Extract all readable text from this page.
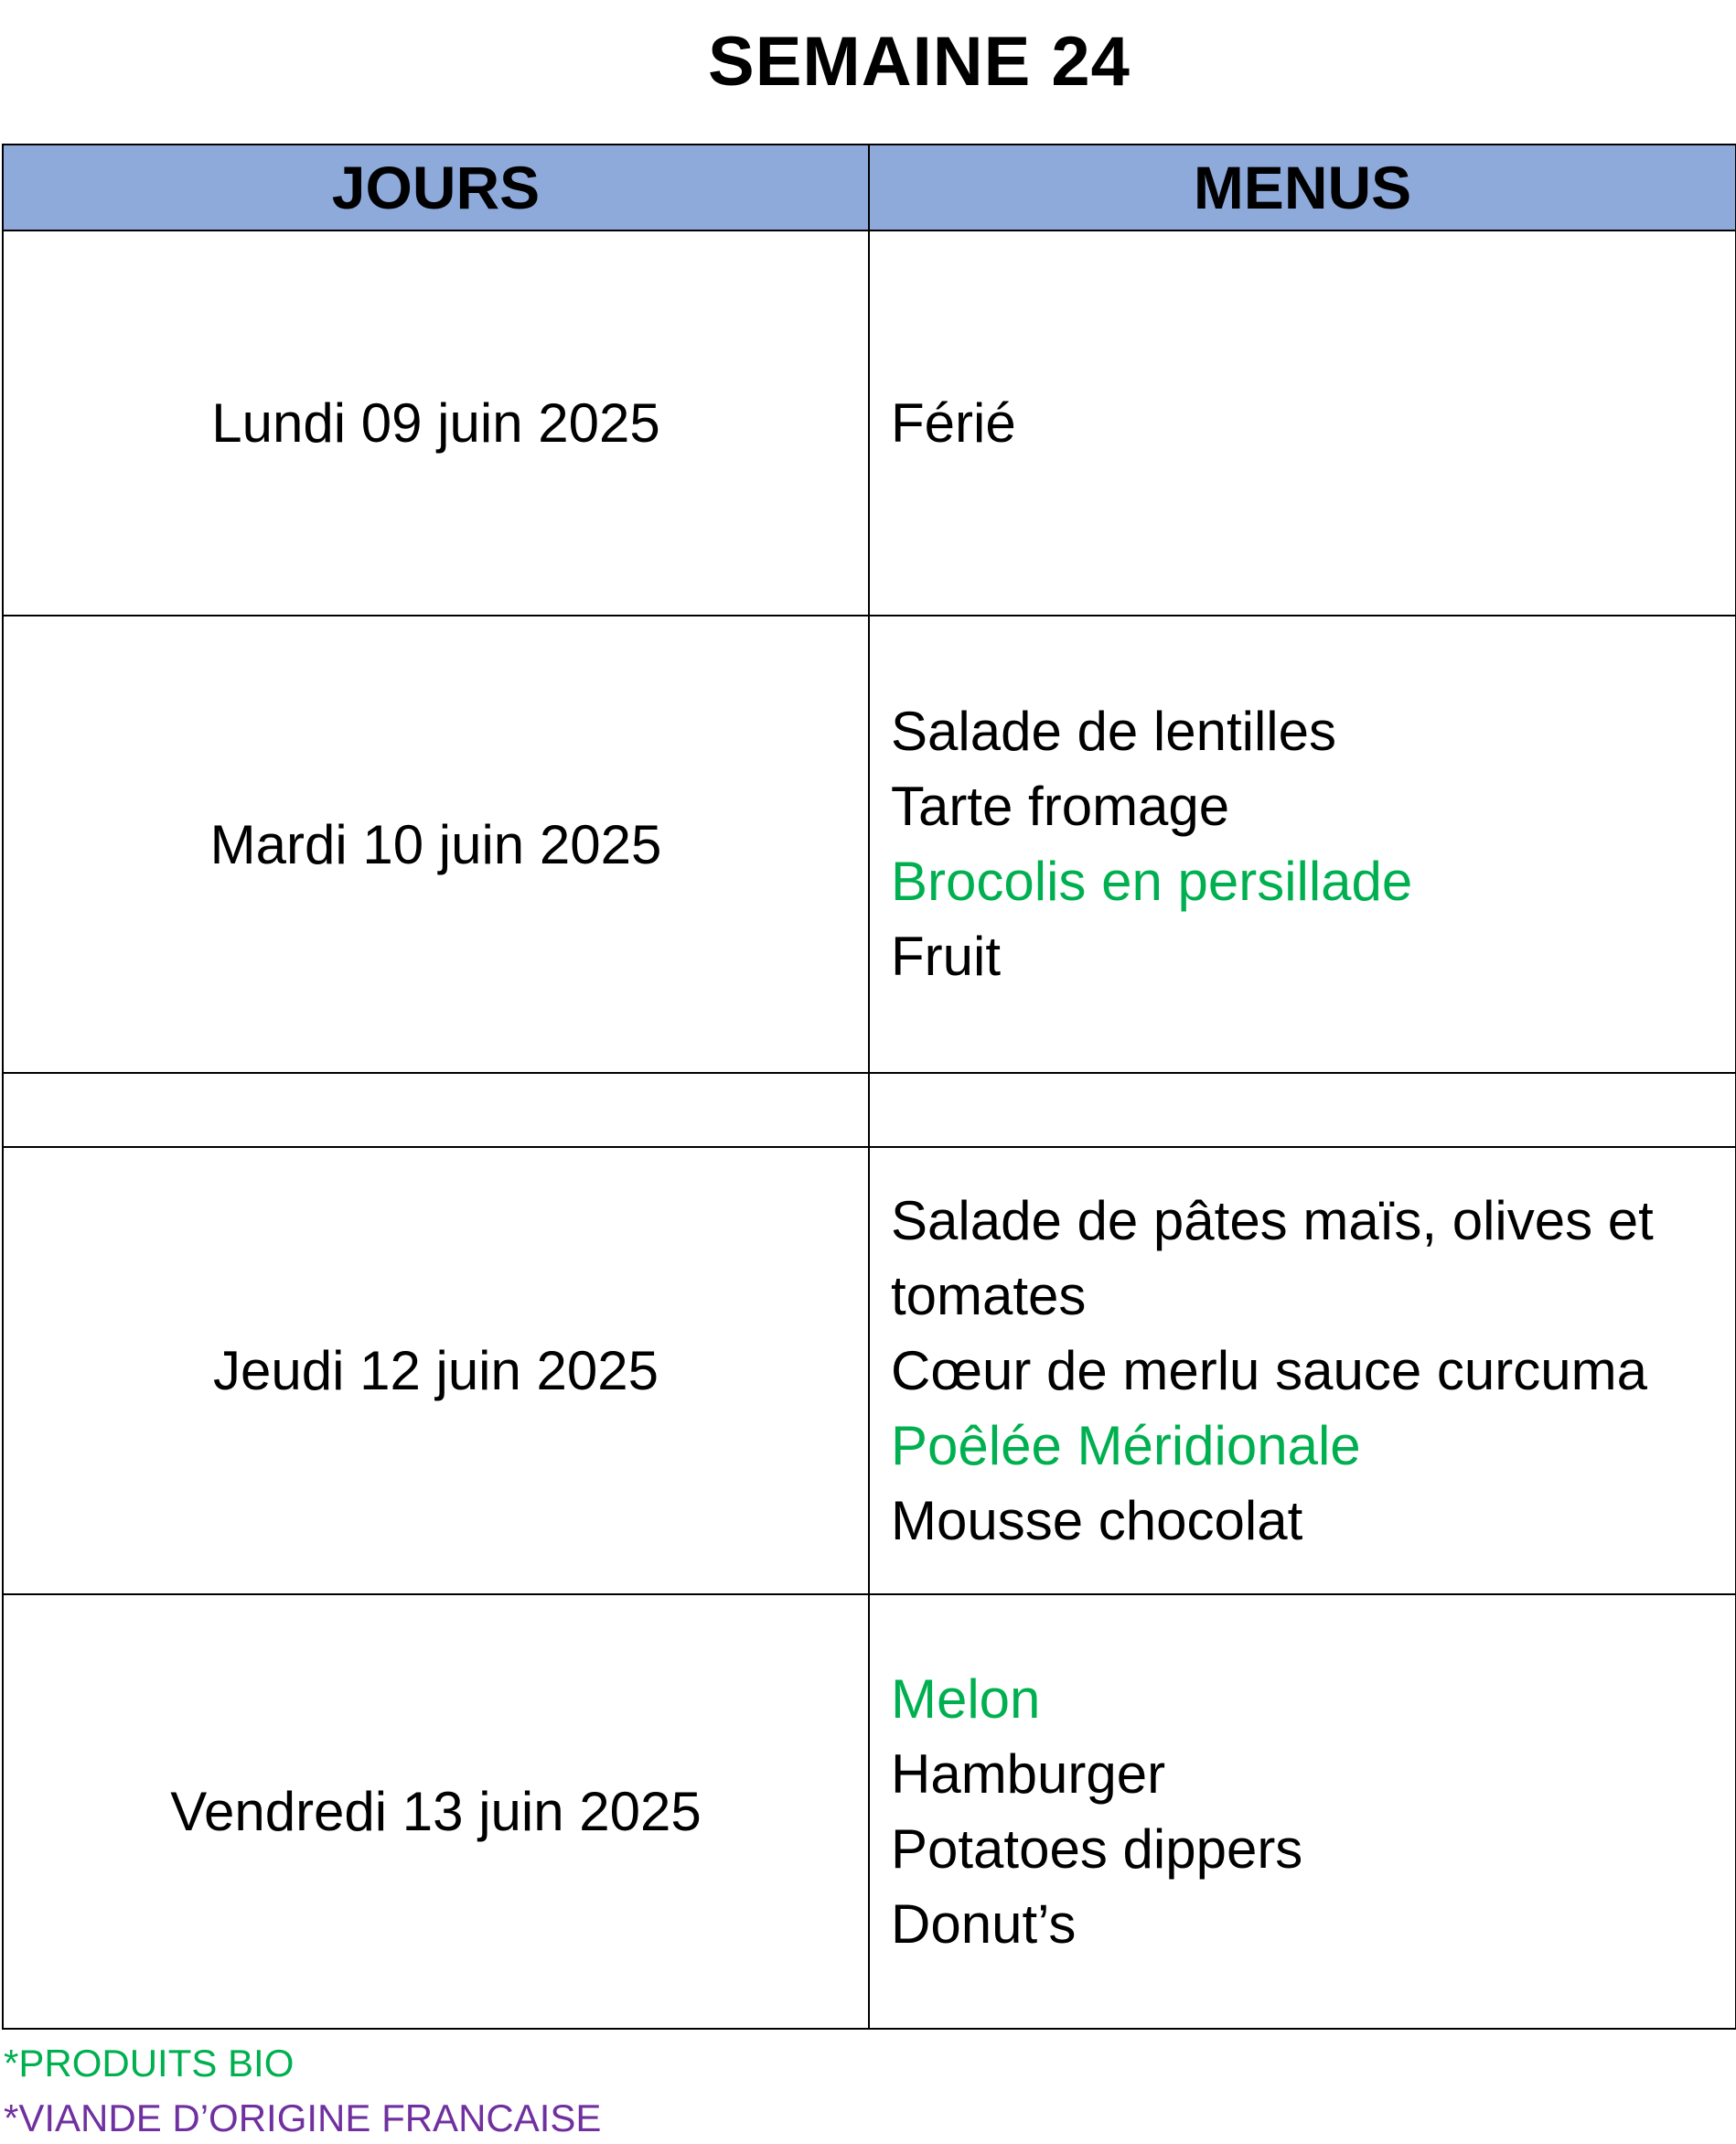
SEMAINE 24
JOURS	MENUS
Lundi 09 juin 2025	Férié

Mardi 10 juin 2025	Salade de lentilles
Tarte fromage
Brocolis en persillade
Fruit

Jeudi 12 juin 2025	Salade de pâtes maïs, olives et tomates
Cœur de merlu sauce curcuma
Poêlée Méridionale
Mousse chocolat

Vendredi 13 juin 2025	Melon
Hamburger
Potatoes dippers
Donut’s
*PRODUITS BIO
*VIANDE D’ORIGINE FRANCAISE
